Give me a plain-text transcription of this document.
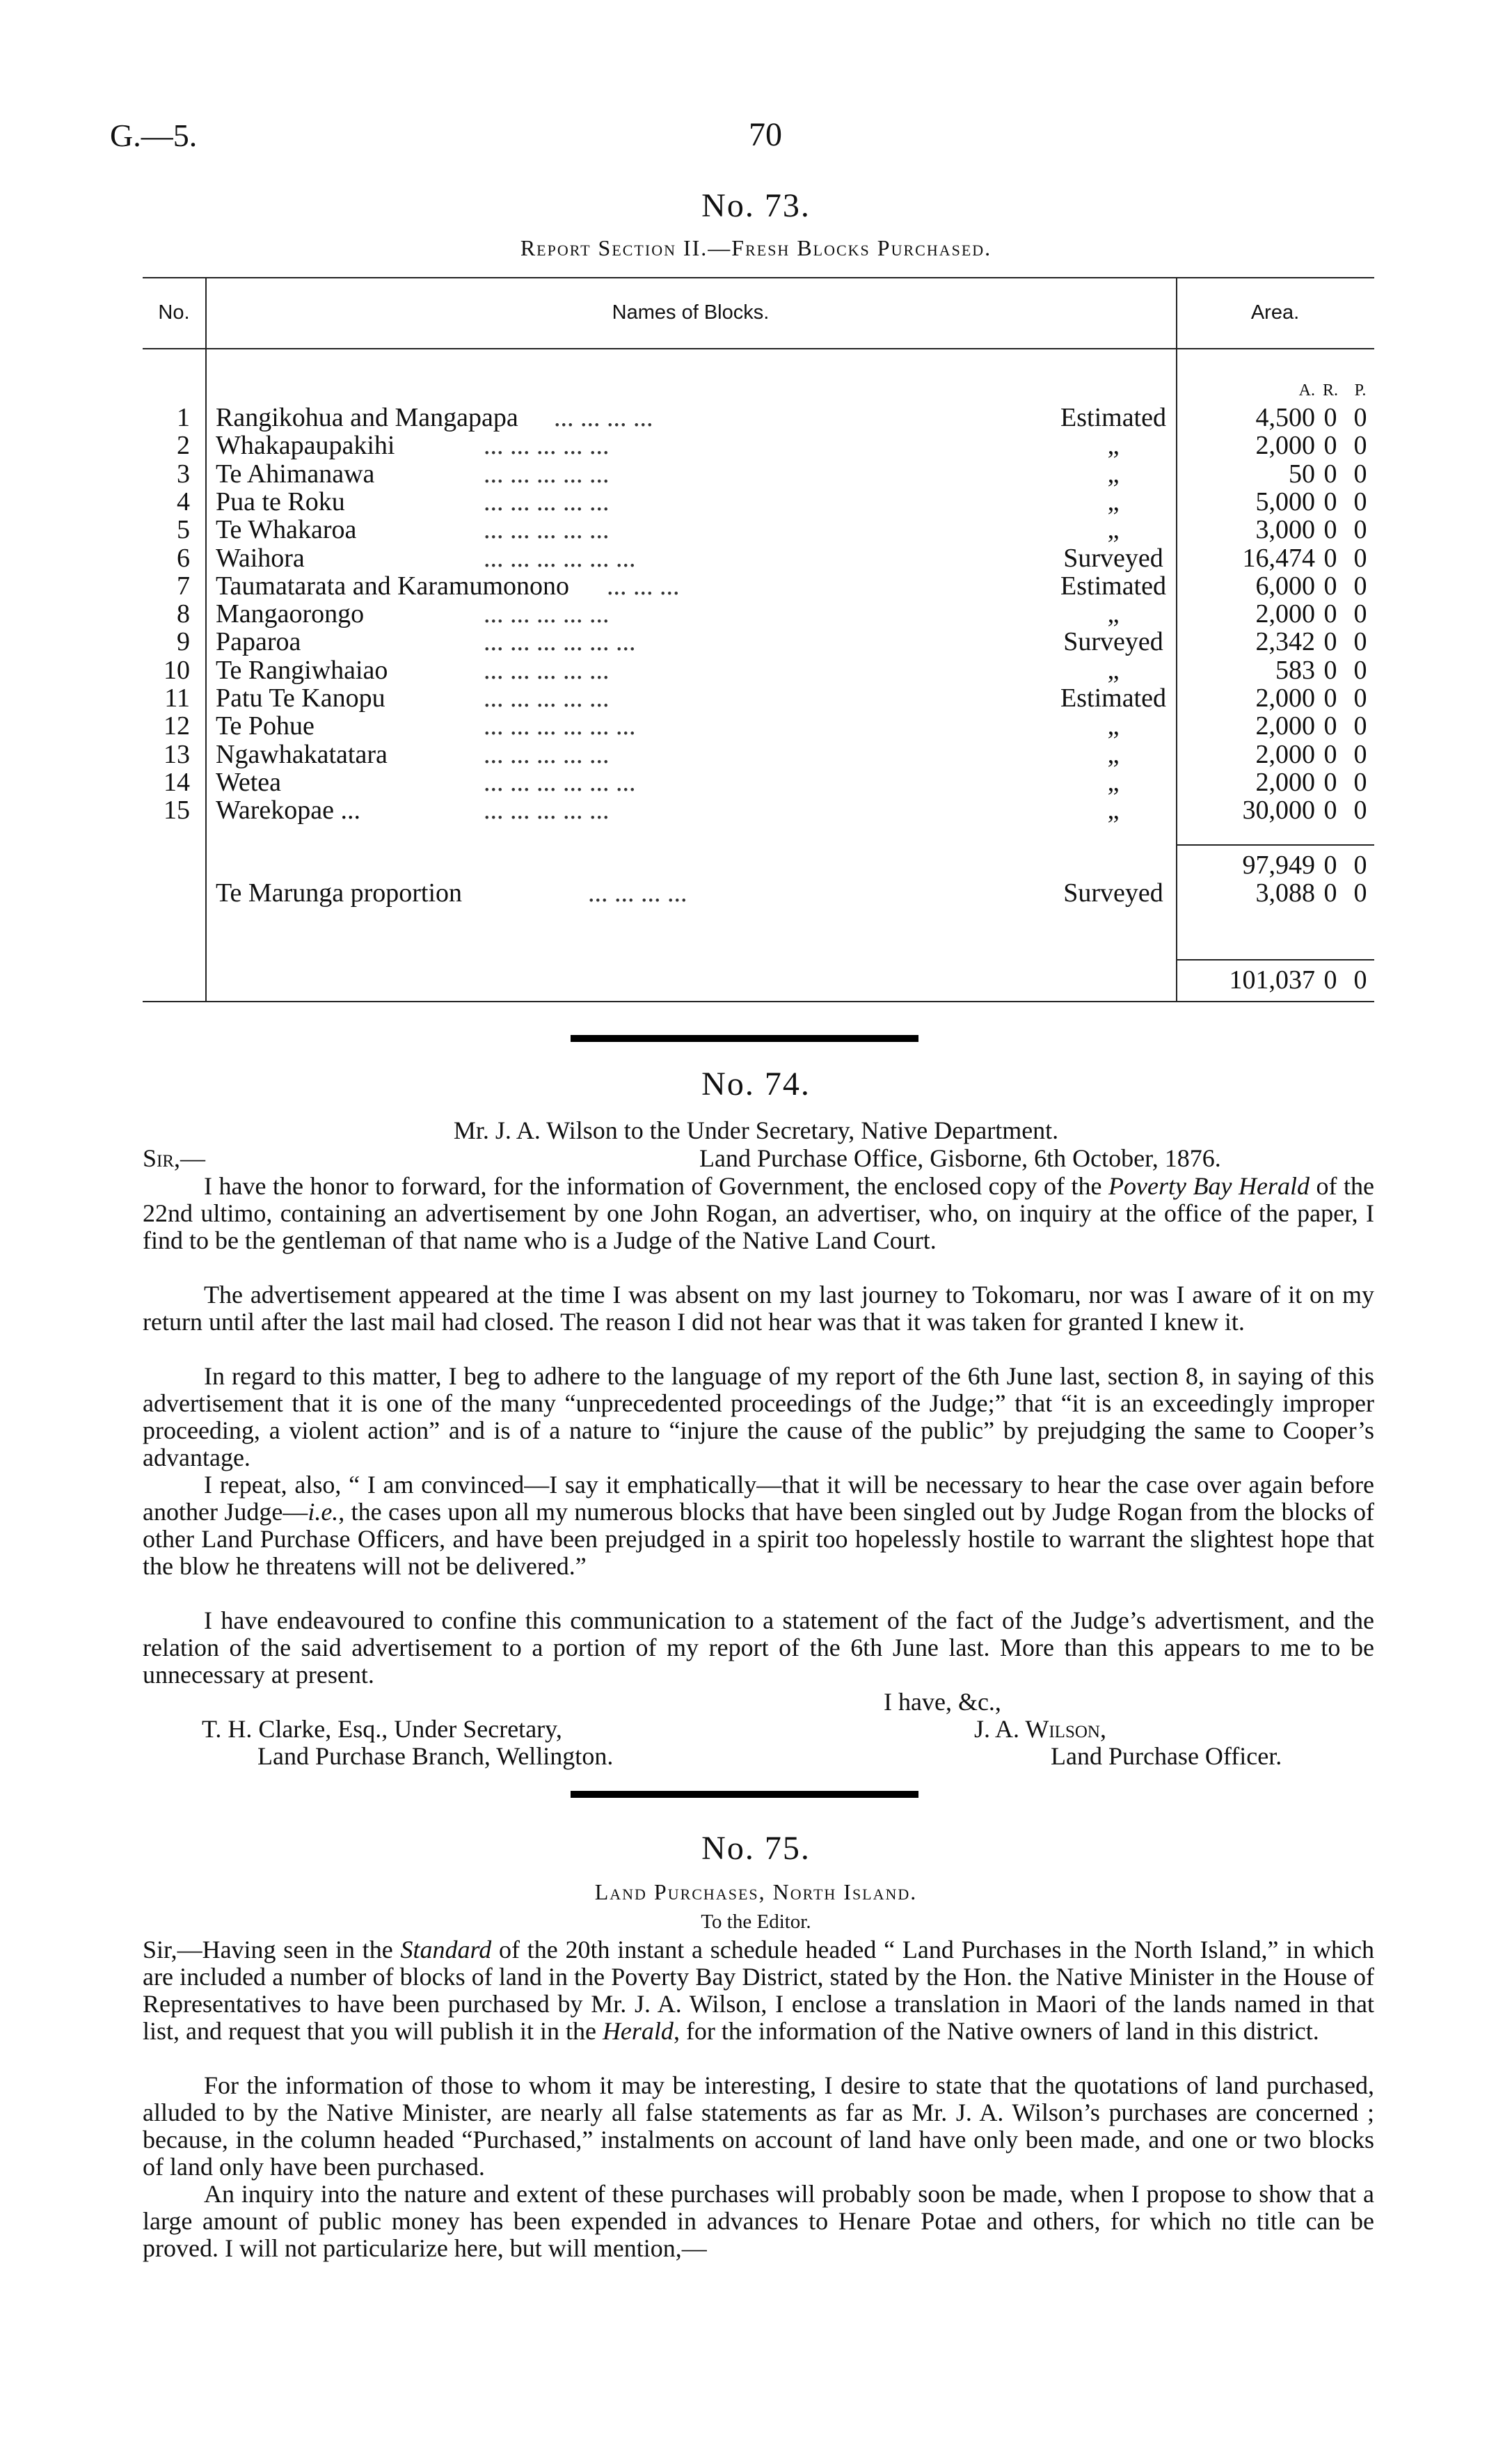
G.—5.	70
No. 73.
Report Section II.—Fresh Blocks Purchased.
No.	Names of Blocks.	Area.
A. R. P.
1 Rangikohua and Mangapapa ... ... ... ...	Estimated	4,500 0 0
2 Whakapaupakihi	... ... ... ... ...	„	2,000 0 0
3 Te Ahimanawa	... ... ... ... ...	„	50 0 0
4 Pua te Roku	... ... ... ... ...	„	5,000 0 0
5 Te Whakaroa	... ... ... ... ...	„	3,000 0 0
6 Waihora	... ... ... ... ... ...	Surveyed	16,474 0 0
7 Taumatarata and Karamumonono ... ... ...	Estimated	6,000 0 0
8 Mangaorongo	... ... ... ... ...	„	2,000 0 0
9 Paparoa	... ... ... ... ... ...	Surveyed	2,342 0 0
10 Te Rangiwhaiao	... ... ... ... ...	„	583 0 0
11 Patu Te Kanopu	... ... ... ... ...	Estimated	2,000 0 0
12 Te Pohue	... ... ... ... ... ...	„	2,000 0 0
13 Ngawhakatatara	... ... ... ... ...	„	2,000 0 0
14 Wetea	... ... ... ... ... ...	„	2,000 0 0
15 Warekopae ...	... ... ... ... ...	„	30,000 0 0
97,949 0 0
Te Marunga proportion	... ... ... ...	Surveyed	3,088 0 0
101,037 0 0
No. 74.
Mr. J. A. Wilson to the Under Secretary, Native Department.
Sir,—	Land Purchase Office, Gisborne, 6th October, 1876.
I have the honor to forward, for the information of Government, the enclosed copy of the Poverty Bay Herald of the 22nd ultimo, containing an advertisement by one John Rogan, an advertiser, who, on inquiry at the office of the paper, I find to be the gentleman of that name who is a Judge of the Native Land Court.
The advertisement appeared at the time I was absent on my last journey to Tokomaru, nor was I aware of it on my return until after the last mail had closed. The reason I did not hear was that it was taken for granted I knew it.
In regard to this matter, I beg to adhere to the language of my report of the 6th June last, section 8, in saying of this advertisement that it is one of the many “unprecedented proceedings of the Judge;” that “it is an exceedingly improper proceeding, a violent action” and is of a nature to “injure the cause of the public” by prejudging the same to Cooper’s advantage.
I repeat, also, “ I am convinced—I say it emphatically—that it will be necessary to hear the case over again before another Judge—i.e., the cases upon all my numerous blocks that have been singled out by Judge Rogan from the blocks of other Land Purchase Officers, and have been prejudged in a spirit too hopelessly hostile to warrant the slightest hope that the blow he threatens will not be delivered.”
I have endeavoured to confine this communication to a statement of the fact of the Judge’s advertisment, and the relation of the said advertisement to a portion of my report of the 6th June last. More than this appears to me to be unnecessary at present.
I have, &c.,
T. H. Clarke, Esq., Under Secretary,
Land Purchase Branch, Wellington.
J. A. Wilson,
Land Purchase Officer.
No. 75.
Land Purchases, North Island.
To the Editor.
Sir,—Having seen in the Standard of the 20th instant a schedule headed “ Land Purchases in the North Island,” in which are included a number of blocks of land in the Poverty Bay District, stated by the Hon. the Native Minister in the House of Representatives to have been purchased by Mr. J. A. Wilson, I enclose a translation in Maori of the lands named in that list, and request that you will publish it in the Herald, for the information of the Native owners of land in this district.
For the information of those to whom it may be interesting, I desire to state that the quotations of land purchased, alluded to by the Native Minister, are nearly all false statements as far as Mr. J. A. Wilson’s purchases are concerned ; because, in the column headed “Purchased,” instalments on account of land have only been made, and one or two blocks of land only have been purchased.
An inquiry into the nature and extent of these purchases will probably soon be made, when I propose to show that a large amount of public money has been expended in advances to Henare Potae and others, for which no title can be proved. I will not particularize here, but will mention,—
